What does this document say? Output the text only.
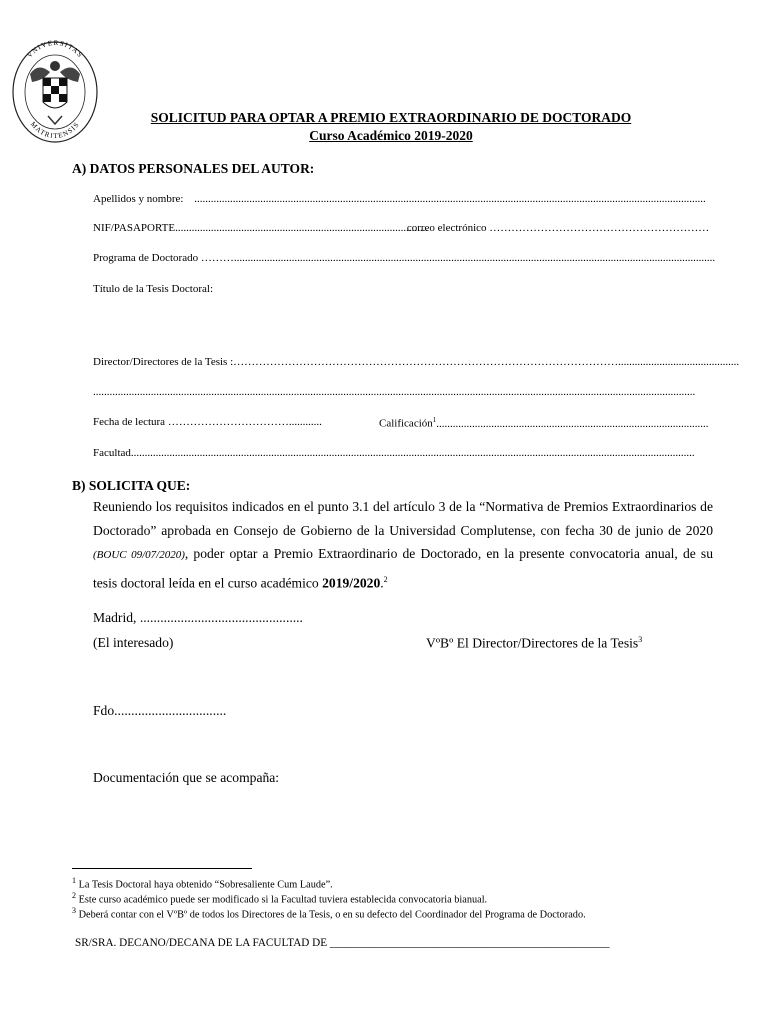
VNIVERSITAS
MATRITENSIS	SOLICITUD PARA OPTAR A PREMIO EXTRAORDINARIO DE DOCTORADO
Curso Académico 2019-2020
A) DATOS PERSONALES DEL AUTOR:
Apellidos y nombre: ..........................................................................................................................................................................................
NIF/PASAPORTE............................................................................................ correo electrónico ……………………………………………………
Programa de Doctorado ………...............................................................................................................................................................................
Título de la Tesis Doctoral:
Director/Directores de la Tesis :……………………………………………………………………………………………............................................
...........................................................................................................................................................................................................................
Fecha de lectura ……………………………............	Calificación$^1$...................................................................................................
Facultad.............................................................................................................................................................................................................
B) SOLICITA QUE:
Reuniendo los requisitos indicados en el punto 3.1 del artículo 3 de la “Normativa de Premios Extraordinarios de Doctorado” aprobada en Consejo de Gobierno de la Universidad Complutense, con fecha 30 de junio de 2020 (BOUC 09/07/2020), poder optar a Premio Extraordinario de Doctorado, en la presente convocatoria anual, de su tesis doctoral leída en el curso académico 2019/2020.$^2$
Madrid, ................................................
(El interesado)	VºBº El Director/Directores de la Tesis$^3$
Fdo.................................
Documentación que se acompaña:
$^1$ La Tesis Doctoral haya obtenido “Sobresaliente Cum Laude”.
$^2$ Este curso académico puede ser modificado si la Facultad tuviera establecida convocatoria bianual.
$^3$ Deberá contar con el VºBº de todos los Directores de la Tesis, o en su defecto del Coordinador del Programa de Doctorado.
SR/SRA. DECANO/DECANA DE LA FACULTAD DE __________________________________________________
